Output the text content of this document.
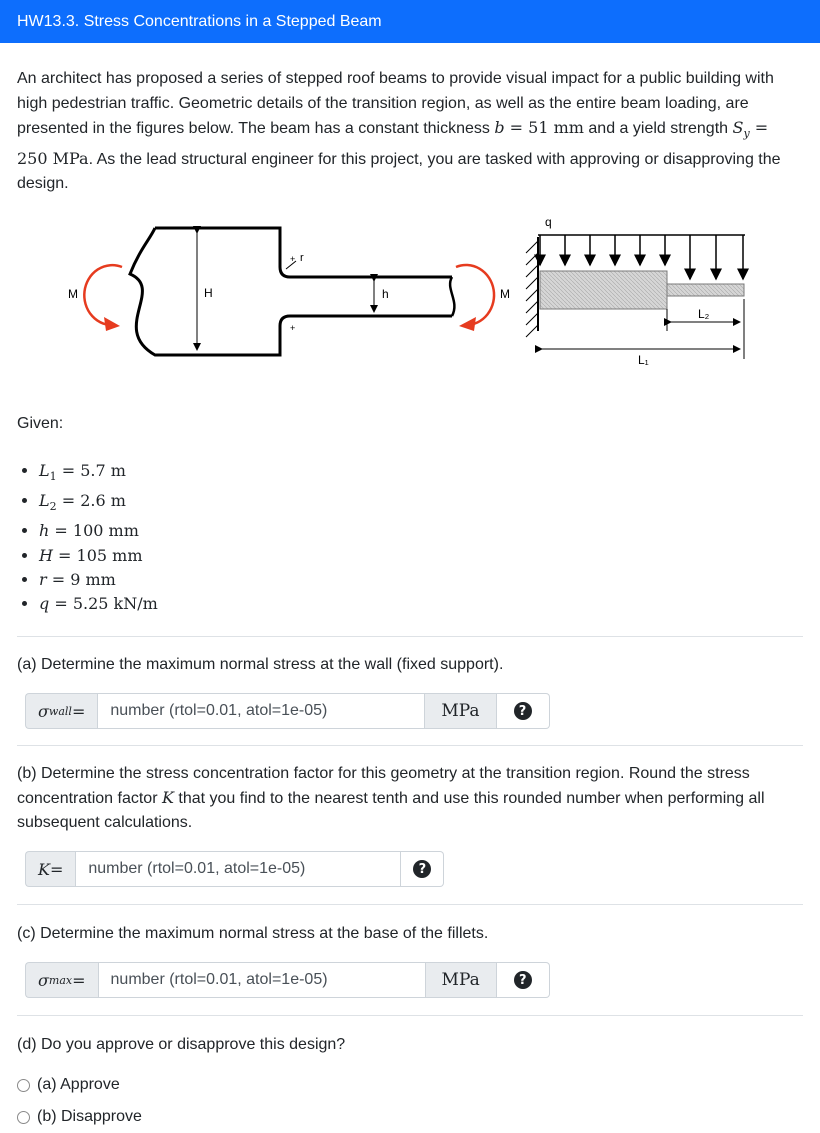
HW13.3. Stress Concentrations in a Stepped Beam
An architect has proposed a series of stepped roof beams to provide visual impact for a public building with high pedestrian traffic. Geometric details of the transition region, as well as the entire beam loading, are presented in the figures below. The beam has a constant thickness b = 51 mm and a yield strength $S_y = 250$ MPa. As the lead structural engineer for this project, you are tasked with approving or disapproving the design.
M	H	h
r
+
+
M
q
L₂
L₁
Given:
• $L_1 = 5.7$ m
• $L_2 = 2.6$ m
• h = 100 mm
• H = 105 mm
• r = 9 mm
• q = 5.25 kN/m
(a) Determine the maximum normal stress at the wall (fixed support).
σ wall =	number (rtol=0.01, atol=1e-05)	MPa	?
(b) Determine the stress concentration factor for this geometry at the transition region. Round the stress concentration factor K that you find to the nearest tenth and use this rounded number when performing all subsequent calculations.
K =	number (rtol=0.01, atol=1e-05)	?
(c) Determine the maximum normal stress at the base of the fillets.
σ max =	number (rtol=0.01, atol=1e-05)	MPa	?
(d) Do you approve or disapprove this design?
(a) Approve
(b) Disapprove
